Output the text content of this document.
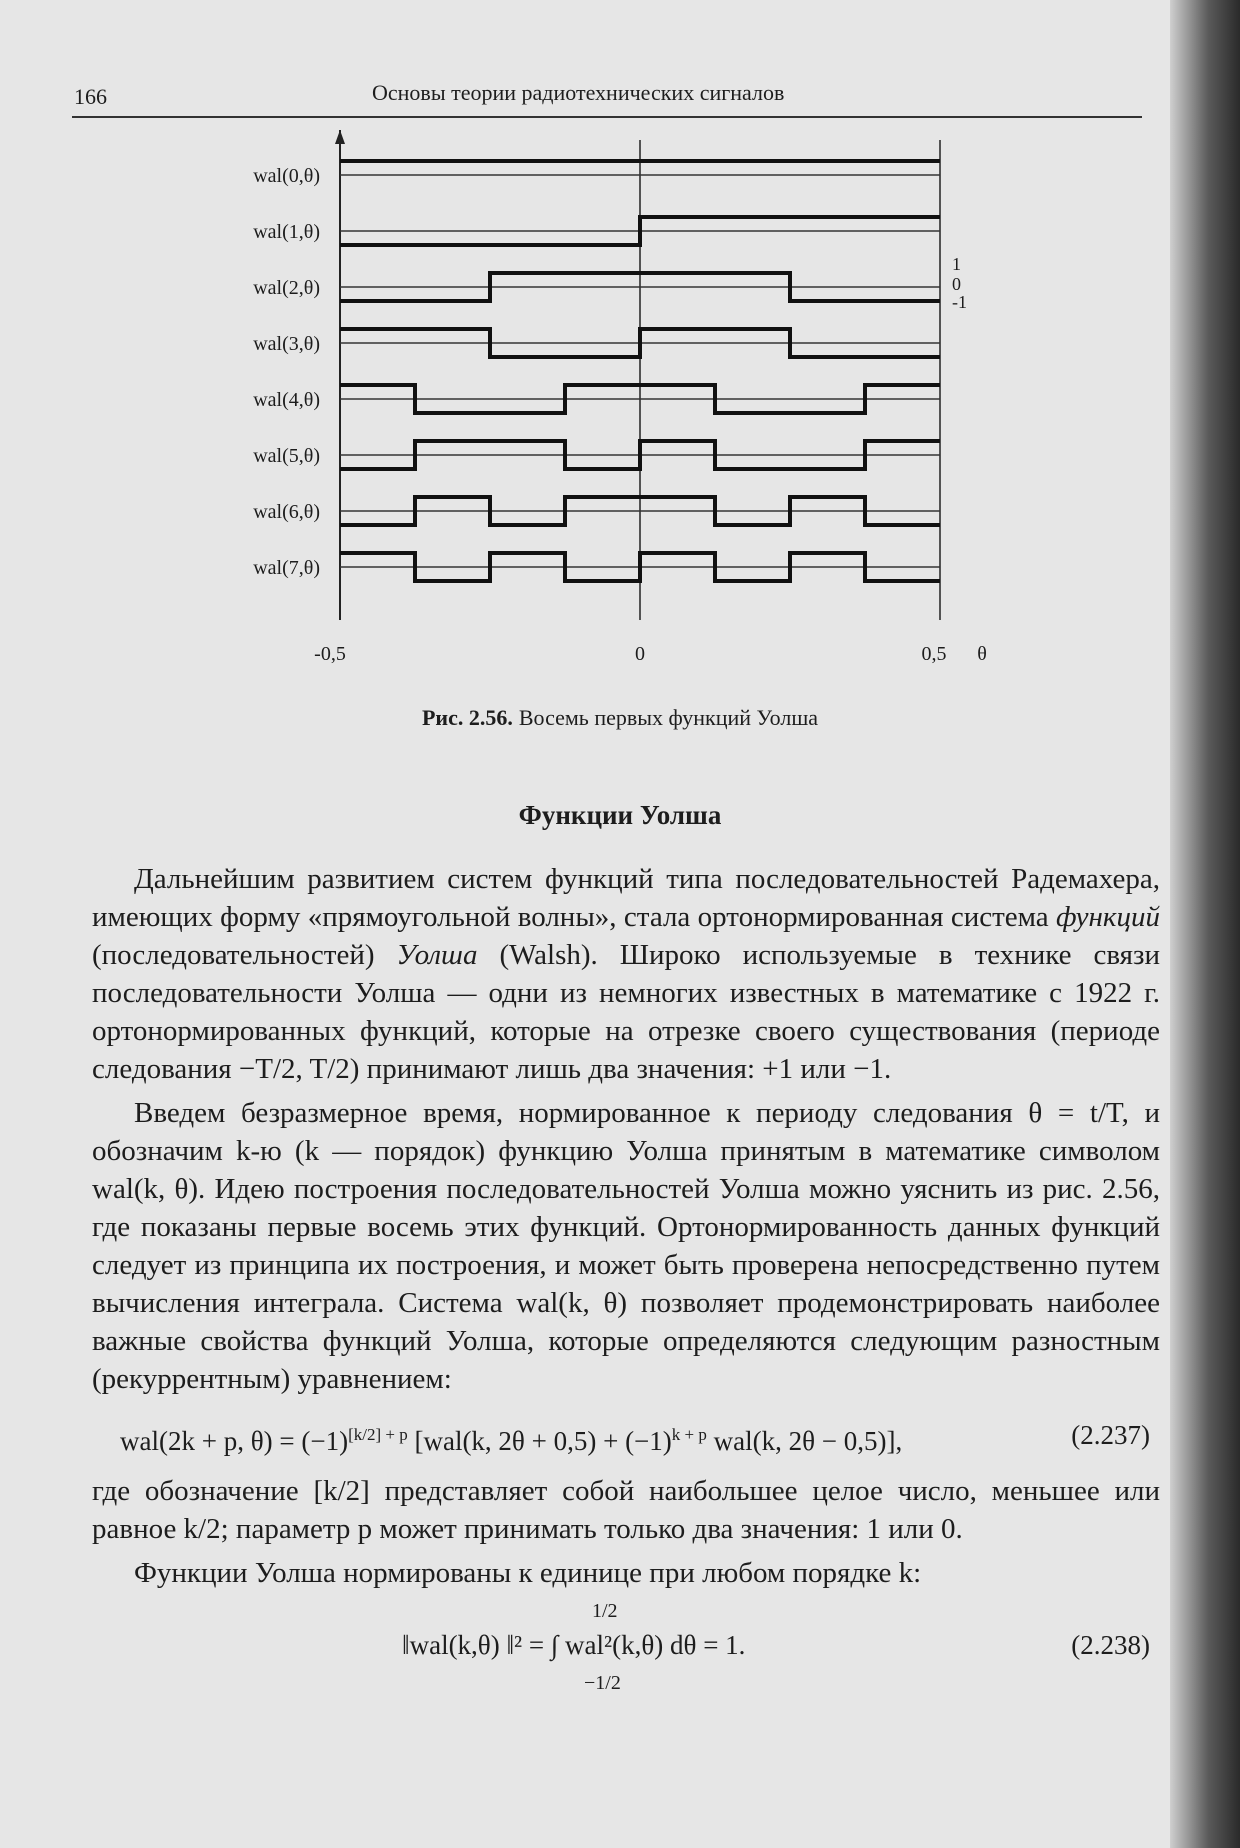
166	Основы теории радиотехнических сигналов
wal(0,θ)
wal(1,θ)
wal(2,θ)
wal(3,θ)
wal(4,θ)
wal(5,θ)
wal(6,θ)
wal(7,θ)
1
0
-1
-0,5	0	0,5 θ
Рис. 2.56. Восемь первых функций Уолша
Функции Уолша

Дальнейшим развитием систем функций типа последовательностей Радемахера, имеющих форму «прямоугольной волны», стала ортонормированная система функций (последовательностей) Уолша (Walsh). Широко используемые в технике связи последовательности Уолша — одни из немногих известных в математике с 1922 г. ортонормированных функций, которые на отрезке своего существования (периоде следования −T/2, T/2) принимают лишь два значения: +1 или −1.

Введем безразмерное время, нормированное к периоду следования θ = t/T, и обозначим k-ю (k — порядок) функцию Уолша принятым в математике символом wal(k, θ). Идею построения последовательностей Уолша можно уяснить из рис. 2.56, где показаны первые восемь этих функций. Ортонормированность данных функций следует из принципа их построения, и может быть проверена непосредственно путем вычисления интеграла. Система wal(k, θ) позволяет продемонстрировать наиболее важные свойства функций Уолша, которые определяются следующим разностным (рекуррентным) уравнением:

wal(2k + p, $\theta) = (-1)^{[k/2] + p}$ [wal(k, $2\theta + 0,5) + (-1)^{k + p}$ wal(k, 2θ − 0,5)],	(2.237)

где обозначение [k/2] представляет собой наибольшее целое число, меньшее или равное k/2; параметр p может принимать только два значения: 1 или 0.

Функции Уолша нормированы к единице при любом порядке k:

1/2
‖wal(k,θ) ‖² = ∫ wal²(k,θ) dθ = 1.
−1/2
(2.238)
